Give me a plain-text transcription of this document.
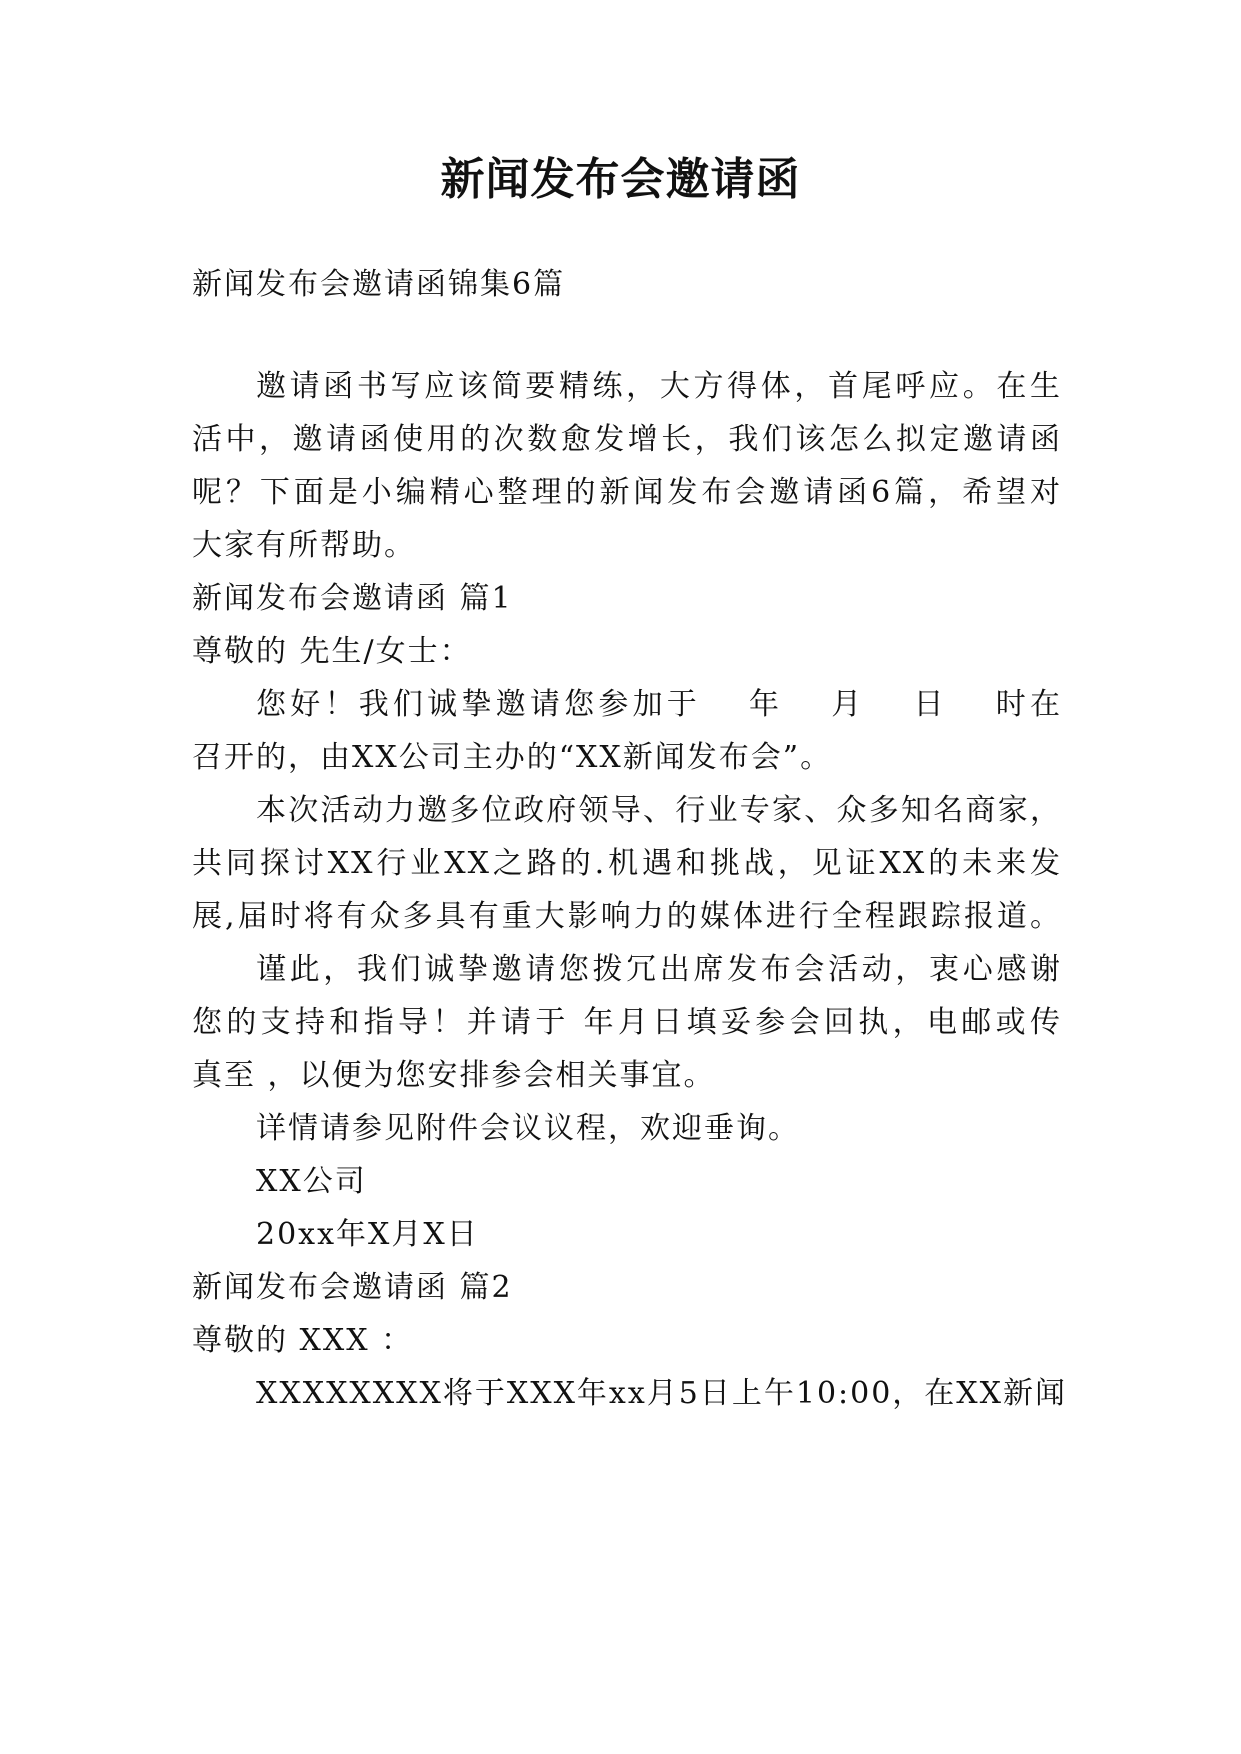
新闻发布会邀请函
新闻发布会邀请函锦集6篇
邀请函书写应该简要精练，大方得体，首尾呼应。在生
活中，邀请函使用的次数愈发增长，我们该怎么拟定邀请函
呢？下面是小编精心整理的新闻发布会邀请函6篇，希望对
大家有所帮助。
新闻发布会邀请函 篇1
尊敬的 先生/女士：
您好！我们诚挚邀请您参加于　 年　 月　 日　 时在
召开的，由XX公司主办的“XX新闻发布会”。
本次活动力邀多位政府领导、行业专家、众多知名商家，
共同探讨XX行业XX之路的.机遇和挑战，见证XX的未来发
展,届时将有众多具有重大影响力的媒体进行全程跟踪报道。
谨此，我们诚挚邀请您拨冗出席发布会活动，衷心感谢
您的支持和指导！并请于 年月日填妥参会回执，电邮或传
真至 ，以便为您安排参会相关事宜。
详情请参见附件会议议程，欢迎垂询。
XX公司
20xx年X月X日
新闻发布会邀请函 篇2
尊敬的 XXX ：
XXXXXXXX将于XXX年xx月5日上午10:00，在XX新闻
